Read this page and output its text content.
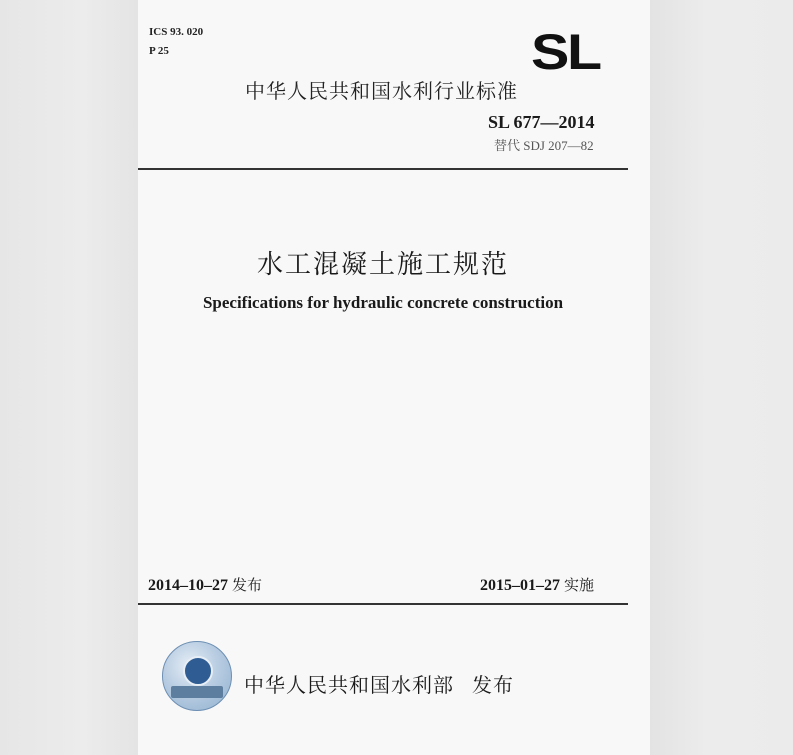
ICS 93. 020
P 25	SL
中华人民共和国水利行业标准
SL 677—2014
替代 SDJ 207—82
水工混凝土施工规范
Specifications for hydraulic concrete construction
2014–10–27 发布	2015–01–27 实施
中华人民共和国水利部 发布
